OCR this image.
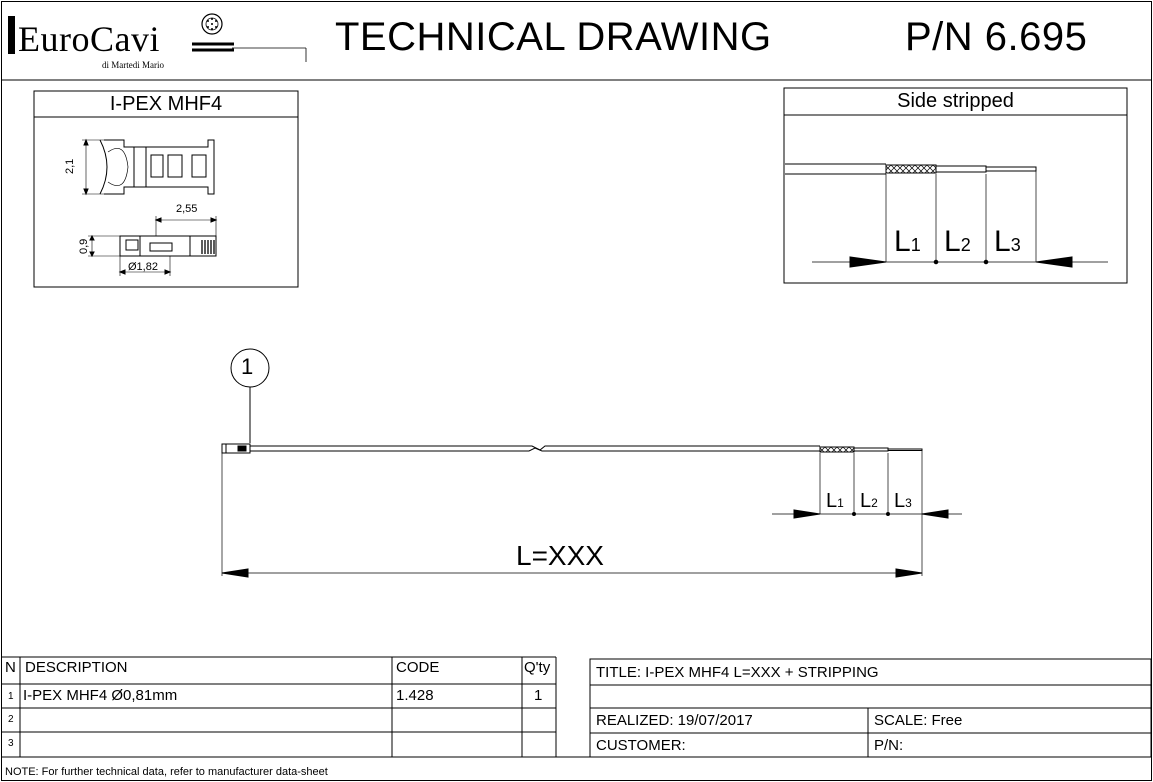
EuroCavi
di Martedi Mario
TECHNICAL DRAWING	P/N 6.695
I-PEX MHF4
2,1
2,55
0,9
Ø1,82
Side stripped
L1 L2 L3
1
L1 L2 L3
L=XXX
N DESCRIPTION	CODE	Q'ty
1 I-PEX MHF4 Ø0,81mm	1.428	1
2
3
TITLE: I-PEX MHF4 L=XXX + STRIPPING
REALIZED: 19/07/2017	SCALE: Free
CUSTOMER:	P/N:
NOTE: For further technical data, refer to manufacturer data-sheet
